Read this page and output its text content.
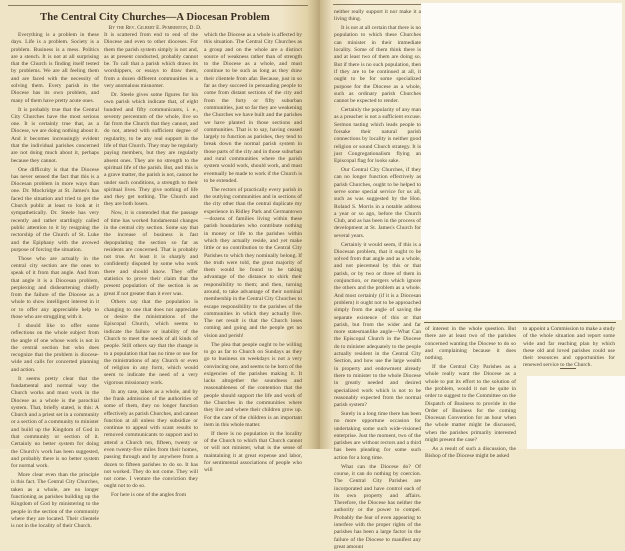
The Central City Churches—A Diocesan Problem
By the Rev. Gilbert E. Pemberton, D. D.

Everything is a problem in these days. Life is a problem. Society is a problem. Business is a mess. Politics are a stench. It is not at all surprising that the Church is finding itself tested by problems. We are all feeling them and are faced with the necessity of solving them. Every parish in the Diocese has its own problem, and many of them have pretty acute ones.

It is probably true that the Central City Churches have the most serious one. It is certainly true that, as a Diocese, we are doing nothing about it. And it becomes increasingly evident that the individual parishes concerned are not doing much about it, perhaps because they cannot.

One difficulty is that the Diocese has never sensed the fact that this is a Diocesan problem in more ways than one. Dr. Mockridge at St. James's has faced the situation and tried to get the Church public at least to look at it sympathetically. Dr. Steele has very recently and rather startlingly called public attention to it by resigning the rectorship of the Church of St. Luke and the Epiphany with the avowed purpose of forcing the situation.

Those who are actually in the central city section are the ones to speak of it from that angle. And from that angle it is a Diocesan problem, perplexing and disheartening chiefly from the failure of the Diocese as a whole to show intelligent interest in it or to offer any appreciable help to those who are struggling with it.

I should like to offer some reflections on the whole subject from the angle of one whose work is not in the central section but who does recognize that the problem is diocese-wide and calls for concerted planning and action.

It seems pretty clear that the fundamental and normal way the Church works and must work in the Diocese as a whole is the parochial system. That, briefly stated, is this: A Church and a priest set in a community or a section of a community to minister and build up the Kingdom of God in that community or section of it. Certainly no better system for doing the Church's work has been suggested, and probably there is no better system for normal work.

More clear even than the principle is this fact. The Central City Churches, taken as a whole, are no longer functioning as parishes building up the Kingdom of God by ministering to the people in the section of the community where they are located. Their clientele is not in the locality of their Church.

It is scattered from end to end of the Diocese and even to other dioceses. For them the parish system simply is not and, as at present conducted, probably cannot be. To call that a parish which draws its worshippers, or essays to draw them, from a dozen different communities is a very anomalous misnomer.

Dr. Steele gives some figures for his own parish which indicate that, of eight hundred and fifty communicants, i. e., seventy percentum of the whole, live so far from the Church that they cannot, and do not, attend with sufficient degree of regularity, to be any real support in the life of that Church. They may be regularly paying members, but they are regularly absent ones. They are no strength to the spiritual life of the parish. But, and this is a grave matter, the parish is not, cannot be under such conditions, a strength to their spiritual lives. They give nothing of life and they get nothing. The Church and they are both losers.

Now, it is contended that the passage of time has worked fundamental changes in the central city section. Some say that the increase of business is fast depopulating the section so far as residents are concerned. That is probably not true. At least it is sharply and confidently disputed by some who work there and should know. They offer statistics to prove their claim that the present population of the section is as great if not greater than it ever was.

Others say that the population is changing to one that does not appreciate or desire the ministrations of the Episcopal Church, which seems to indicate the failure or inability of the Church to meet the needs of all kinds of people. Still others say that the change is to a population that has no time or use for the ministrations of any Church or even of religion in any form, which would seem to indicate the need of a very vigorous missionary work.

In any case, taken as a whole, and by the frank admission of the authorities of some of them, they no longer function effectively as parish Churches, and cannot function at all unless they subsidize or continue to appeal with scant results to removed communicants to support and to attend a Church ten, fifteen, twenty or even twenty-five miles from their homes, passing through and by anywhere from a dozen to fifteen parishes to do so. It has not worked. They do not come. They will not come. I venture the conviction they ought not to do so.

For here is one of the angles from

which the Diocese as a whole is affected by this situation. The Central City Churches as a group and on the whole are a distinct source of weakness rather than of strength to the Diocese as a whole, and must continue to be such as long as they draw their clientele from afar. Because, just in so far as they succeed in persuading people to come from distant sections of the city and from the forty or fifty suburban communities, just so far they are weakening the Churches we have built and the parishes we have planted in those sections and communities. That is to say, having ceased largely to function as parishes, they tend to break down the normal parish system in those parts of the city and in those suburban and rural communities where the parish system would work, should work, and must eventually be made to work if the Church is to be extended.

The rectors of practically every parish in the outlying communities and in sections of the city other than the central duplicate my experience in Ridley Park and Germantown—dozens of families living within these parish boundaries who contribute nothing in money or life to the parishes within which they actually reside, and yet make little or no contribution to the Central City Parishes to which they nominally belong. If the truth were told, the great majority of them would be found to be taking advantage of the distance to shirk their responsibility to them; and then, turning around, to take advantage of their nominal membership in the Central City Churches to escape responsibility to the parishes of the communities in which they actually live. The net result is that the Church loses coming and going and the people get no vision and perish!

The plea that people ought to be willing to go as far to Church on Sundays as they go to business on weekdays is not a very convincing one, and seems to be born of the exigencies of the parishes making it. It lacks altogether the soundness and reasonableness of the contention that the people should support the life and work of the Churches in the communities where they live and where their children grow up. For the care of the children is an important item in this whole matter.

If there is no population in the locality of the Church to which that Church cannot or will not minister, what is the sense of maintaining it at great expense and labor, for sentimental associations of people who will

neither really support it nor make it a living thing.

It is not at all certain that there is no population to which these Churches can minister in their immediate locality. Some of them think there is and at least two of them are doing so. But if there is no such population, then if they are to be continued at all, it ought to be for some specialized purpose for the Diocese as a whole, such as ordinary parish Churches cannot be expected to render.

Certainly the popularity of any man as a preacher is not a sufficient excuse. Sermon tasting which leads people to forsake their natural parish connections by locality is neither good religion or sound Church strategy. It is just Congregationalism flying an Episcopal flag for looks sake.

Our Central City Churches, if they can no longer function effectively as parish Churches, ought to be helped to serve some special service for us all, such as was suggested by the Hon. Roland S. Morris in a notable address a year or so ago, before the Church Club, and as has been in the process of development at St. James's Church for several years.

Certainly it would seem, if this is a Diocesan problem, that it ought to be solved from that angle and as a whole, and not piecemeal by this or that parish, or by two or three of them in conjunction, or mergers which ignore the others and the problem as a whole. And most certainly (if it is a Diocesan problem) it ought not to be approached simply from the angle of saving the separate existence of this or that parish, but from the wider and far more statesmanlike angle—What Can the Episcopal Church in the Diocese do to minister adequately to the people actually resident in the Central City Section, and how use the large wealth in property and endowment already there to minister to the whole Diocese in greatly needed and desired specialized work which is not to be reasonably expected from the normal parish system?

Surely in a long time there has been no more opportune occasion for undertaking some such wide-visioned enterprise. Just the moment, two of the parishes are without rectors and a third has been pleading for some such action for a long time.

What can the Diocese do? Of course, it can do nothing by coercion. The Central City Parishes are incorporated and have control each of its own property and affairs. Therefore, the Diocese has neither the authority or the power to compel. Probably the fear of even appearing to interfere with the proper rights of the parishes has been a large factor in the failure of the Diocese to manifest any great amount

of interest in the whole question. But there are at least two of the parishes concerned wanting the Diocese to do so and complaining because it does nothing.

If the Central City Parishes as a whole really want the Diocese as a whole to put its effort to the solution of the problem, would it not be quite in order to suggest to the Committee on the Dispatch of Business to provide in the Order of Business for the coming Diocesan Convention for an hour when the whole matter might be discussed, when the parishes primarily interested might present the case?

As a result of such a discussion, the Bishop of the Diocese might be asked

to appoint a Commission to make a study of the whole situation and report some wide and far reaching plan by which these old and loved parishes could use their resources and opportunities for renewed service to the Church.
